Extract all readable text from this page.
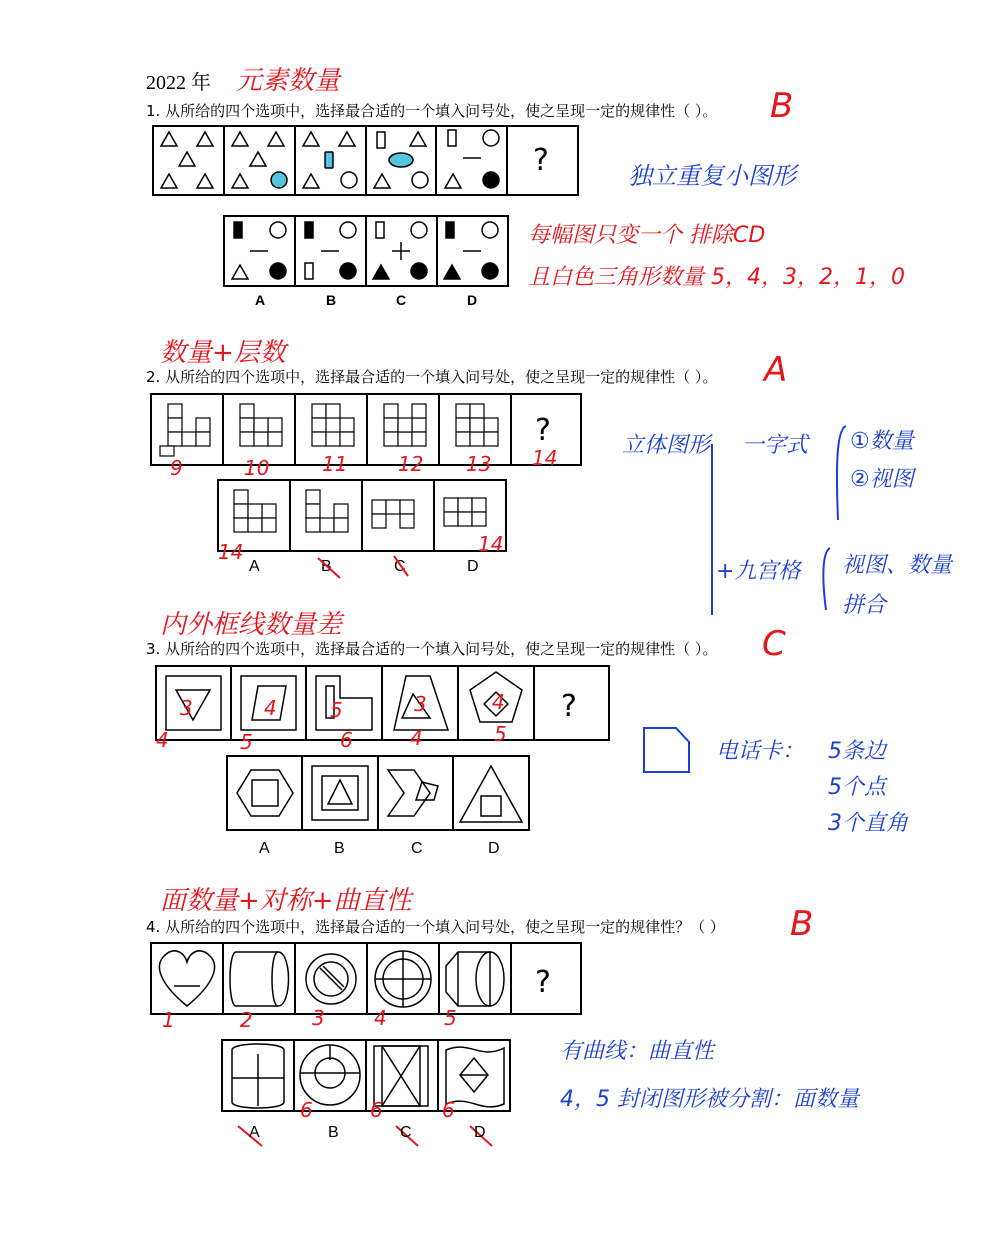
2022 年 元素数量
1. 从所给的四个选项中，选择最合适的一个填入问号处，使之呈现一定的规律性（ ）。 B
?
A	B	C	D
独立重复小图形
每幅图只变一个 排除CD
且白色三角形数量 5，4，3，2，1，0
数量+层数
2. 从所给的四个选项中，选择最合适的一个填入问号处，使之呈现一定的规律性（ ）。 A
?
9	10	11	12 13 14
14	14
A	B	C	D
立体图形 一字式 ①数量
②视图
+九宫格 视图、数量
拼合
内外框线数量差
3. 从所给的四个选项中，选择最合适的一个填入问号处，使之呈现一定的规律性（ ）。 C
?
3	4	5	3	4
4	5	6	4	5
A	B	C	D
电话卡： 5条边
5个点
3个直角
面数量+对称+曲直性
4. 从所给的四个选项中，选择最合适的一个填入问号处，使之呈现一定的规律性？（ ） B
?
1	2	3 4	5
6	6	6
A	B	C	D
有曲线：曲直性
4，5 封闭图形被分割：面数量
